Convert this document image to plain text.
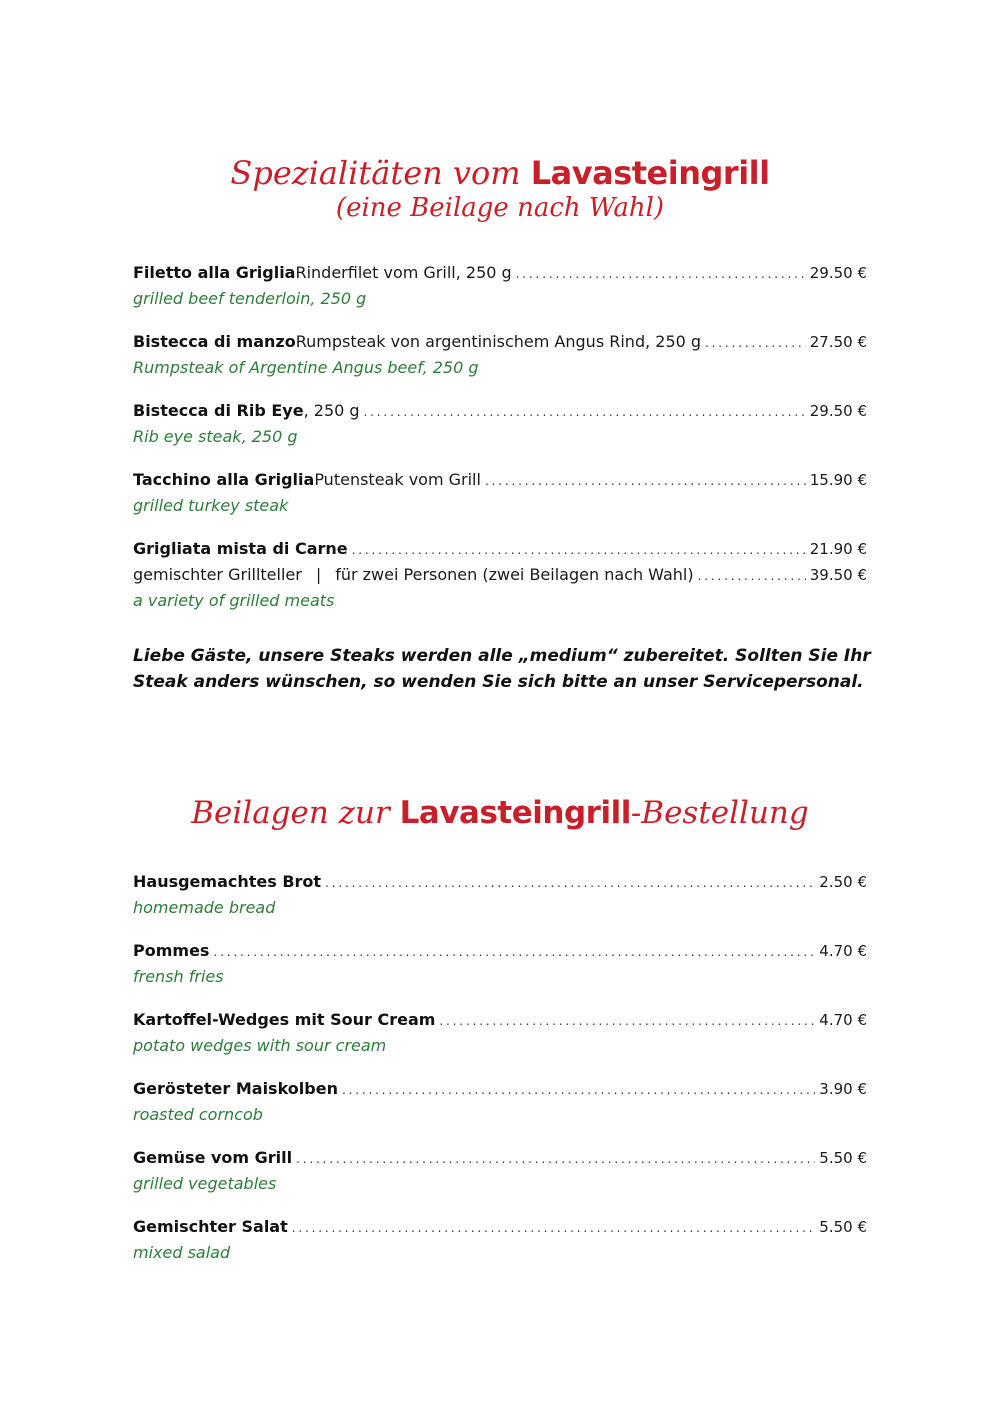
Spezialitäten vom Lavasteingrill
(eine Beilage nach Wahl)
Filetto alla Griglia Rinderfilet vom Grill, 250 g . . .	29.50 €
grilled beef tenderloin, 250 g
Bistecca di manzo Rumpsteak von argentinischem Angus Rind, 250 g . . .	27.50 €
Rumpsteak of Argentine Angus beef, 250 g
Bistecca di Rib Eye , 250 g . . .	29.50 €
Rib eye steak, 250 g
Tacchino alla Griglia Putensteak vom Grill . . .	15.90 €
grilled turkey steak
Grigliata mista di Carne . . .	21.90 €
gemischter Grillteller | für zwei Personen (zwei Beilagen nach Wahl) . . .	39.50 €
a variety of grilled meats
Liebe Gäste, unsere Steaks werden alle „medium“ zubereitet. Sollten Sie Ihr Steak anders wünschen, so wenden Sie sich bitte an unser Servicepersonal.
Beilagen zur Lavasteingrill-Bestellung
Hausgemachtes Brot . . .	2.50 €
homemade bread
Pommes . . .	4.70 €
frensh fries
Kartoffel-Wedges mit Sour Cream . . .	4.70 €
potato wedges with sour cream
Gerösteter Maiskolben . . .	3.90 €
roasted corncob
Gemüse vom Grill . . .	5.50 €
grilled vegetables
Gemischter Salat . . .	5.50 €
mixed salad
